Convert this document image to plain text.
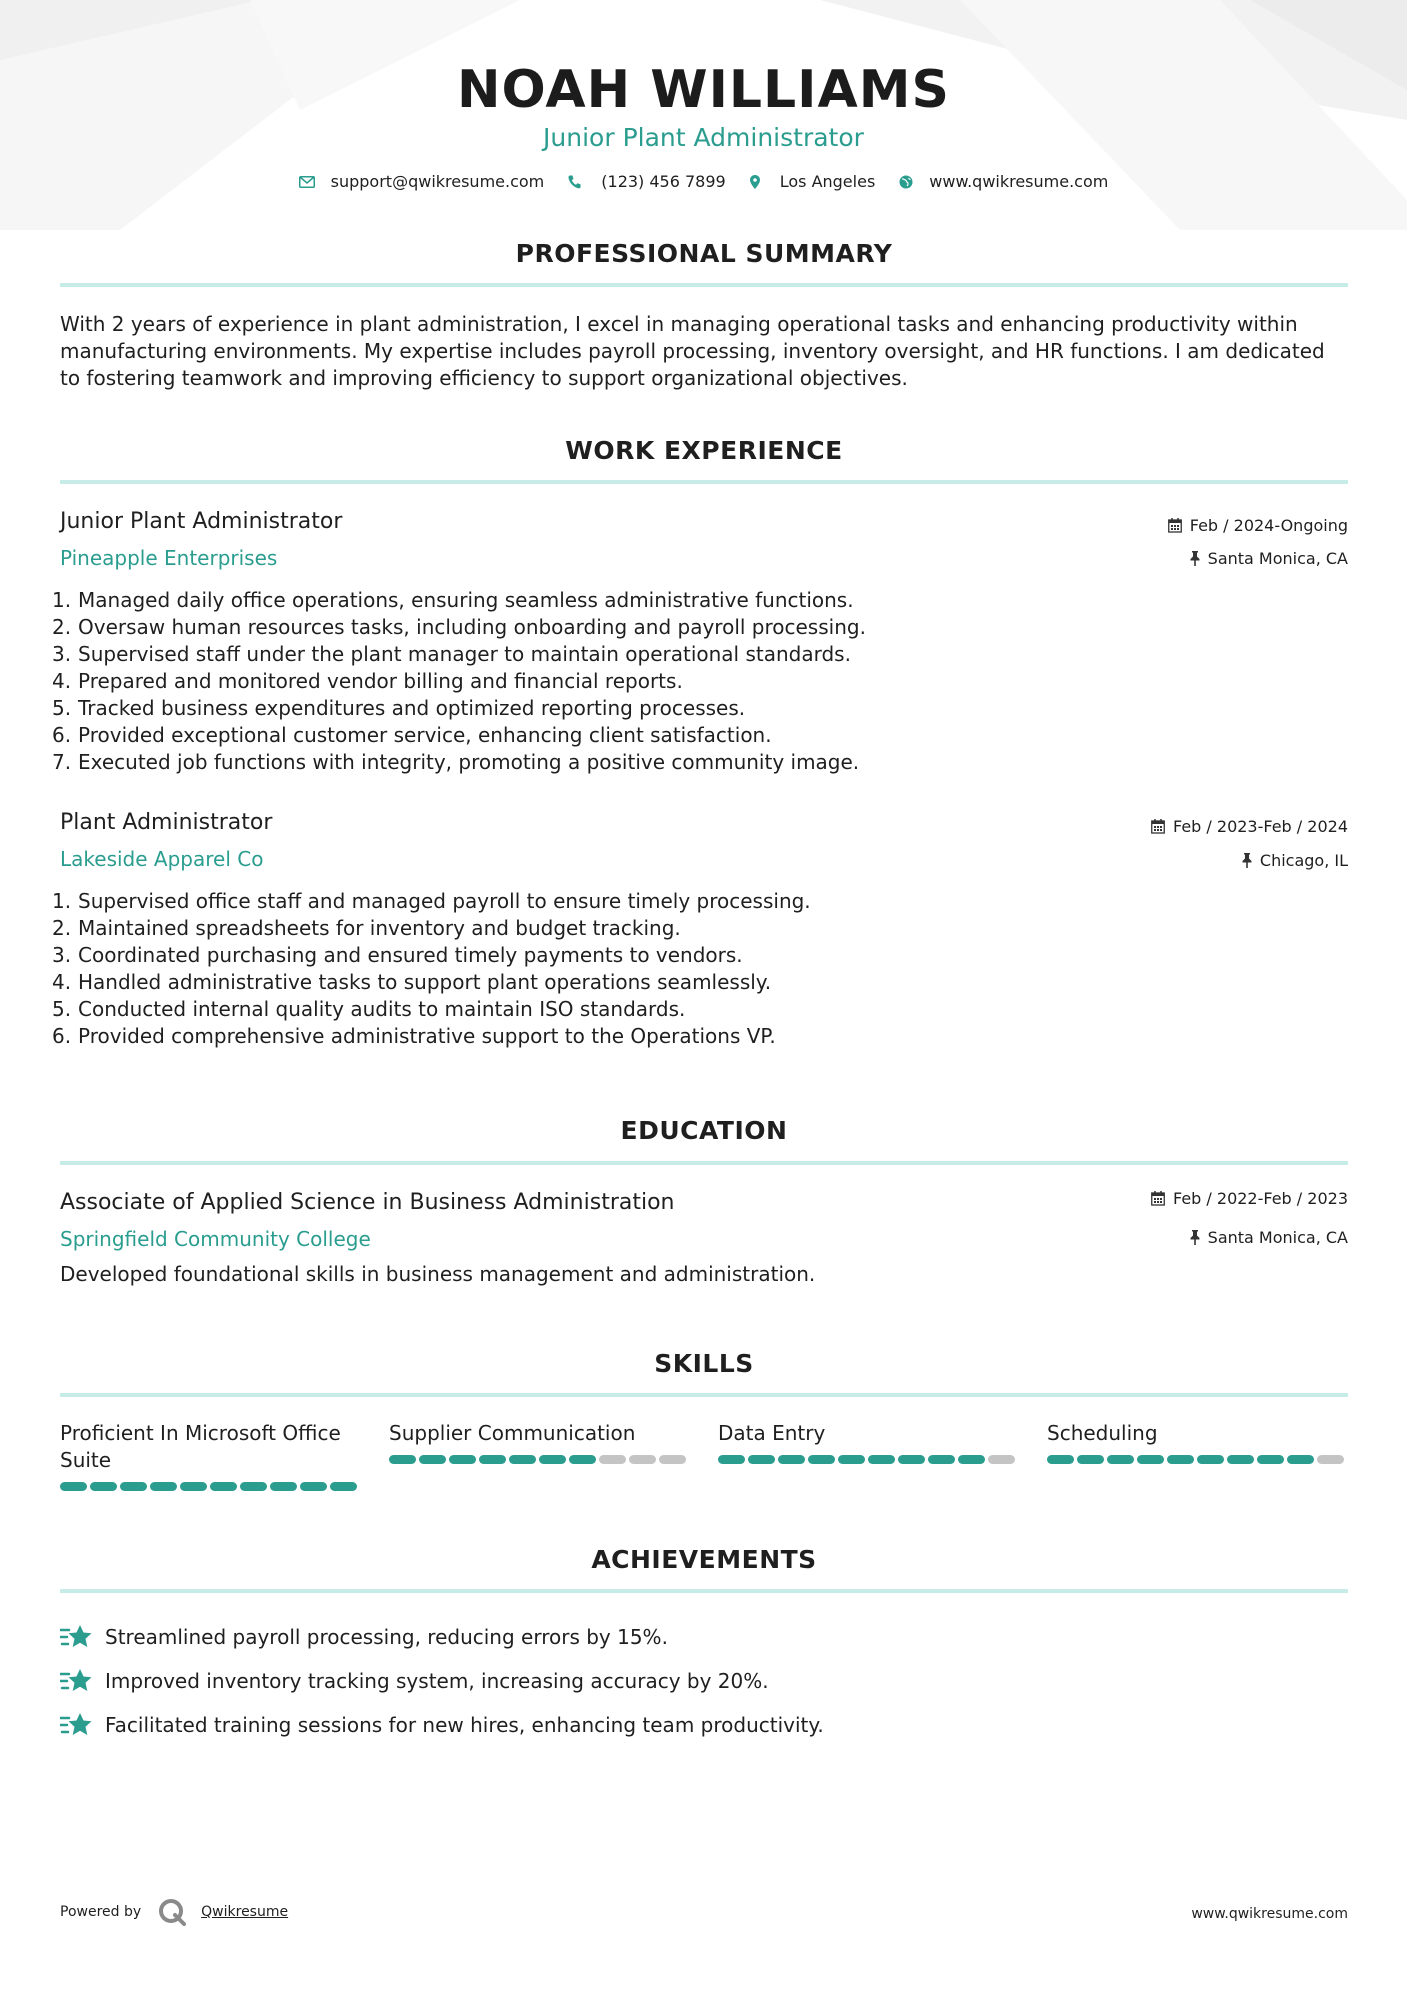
NOAH WILLIAMS
Junior Plant Administrator
support@qwikresume.com	(123) 456 7899	Los Angeles	www.qwikresume.com
PROFESSIONAL SUMMARY
With 2 years of experience in plant administration, I excel in managing operational tasks and enhancing productivity within manufacturing environments. My expertise includes payroll processing, inventory oversight, and HR functions. I am dedicated to fostering teamwork and improving efficiency to support organizational objectives.
WORK EXPERIENCE
Junior Plant Administrator
Pineapple Enterprises
Feb / 2024-Ongoing
Santa Monica, CA
1. Managed daily office operations, ensuring seamless administrative functions.
2. Oversaw human resources tasks, including onboarding and payroll processing.
3. Supervised staff under the plant manager to maintain operational standards.
4. Prepared and monitored vendor billing and financial reports.
5. Tracked business expenditures and optimized reporting processes.
6. Provided exceptional customer service, enhancing client satisfaction.
7. Executed job functions with integrity, promoting a positive community image.
Plant Administrator
Lakeside Apparel Co
Feb / 2023-Feb / 2024
Chicago, IL
1. Supervised office staff and managed payroll to ensure timely processing.
2. Maintained spreadsheets for inventory and budget tracking.
3. Coordinated purchasing and ensured timely payments to vendors.
4. Handled administrative tasks to support plant operations seamlessly.
5. Conducted internal quality audits to maintain ISO standards.
6. Provided comprehensive administrative support to the Operations VP.
EDUCATION
Associate of Applied Science in Business Administration
Springfield Community College
Feb / 2022-Feb / 2023
Santa Monica, CA
Developed foundational skills in business management and administration.
SKILLS
Proficient In Microsoft Office Suite
Supplier Communication	Data Entry	Scheduling
ACHIEVEMENTS
Streamlined payroll processing, reducing errors by 15%.
Improved inventory tracking system, increasing accuracy by 20%.
Facilitated training sessions for new hires, enhancing team productivity.
Powered by	Qwikresume	www.qwikresume.com
